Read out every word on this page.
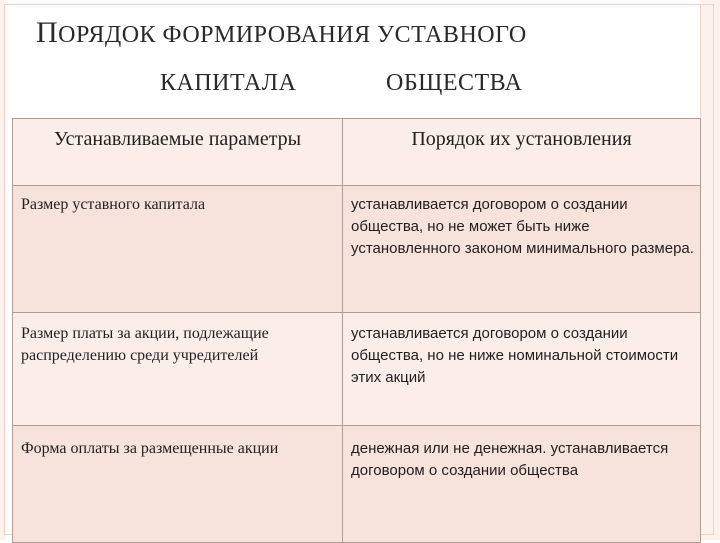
ПОРЯДОК ФОРМИРОВАНИЯ УСТАВНОГО
КАПИТАЛА	ОБЩЕСТВА
Устанавливаемые параметры	Порядок их установления
Размер уставного капитала	устанавливается договором о создании общества, но не может быть ниже установленного законом минимального размера.
Размер платы за акции, подлежащие распределению среди учредителей	устанавливается договором о создании общества, но не ниже номинальной стоимости этих акций
Форма оплаты за размещенные акции	денежная или не денежная. устанавливается договором о создании общества
